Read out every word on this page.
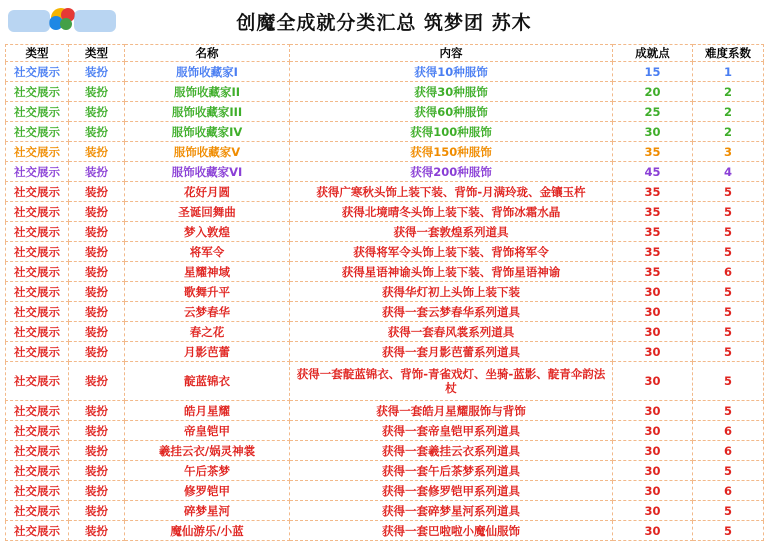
创魔全成就分类汇总 筑梦团 苏木
类型	类型	名称	内容	成就点	难度系数
社交展示	装扮	服饰收藏家I	获得10种服饰	15	1
社交展示	装扮	服饰收藏家II	获得30种服饰	20	2
社交展示	装扮	服饰收藏家III	获得60种服饰	25	2
社交展示	装扮	服饰收藏家IV	获得100种服饰	30	2
社交展示	装扮	服饰收藏家V	获得150种服饰	35	3
社交展示	装扮	服饰收藏家VI	获得200种服饰	45	4
社交展示	装扮	花好月圆	获得广寒秋头饰上装下装、背饰-月满玲珑、金镶玉杵	35	5
社交展示	装扮	圣诞回舞曲	获得北境晴冬头饰上装下装、背饰冰霜水晶	35	5
社交展示	装扮	梦入敦煌	获得一套敦煌系列道具	35	5
社交展示	装扮	将军令	获得将军令头饰上装下装、背饰将军令	35	5
社交展示	装扮	星耀神域	获得星语神谕头饰上装下装、背饰星语神谕	35	6
社交展示	装扮	歌舞升平	获得华灯初上头饰上装下装	30	5
社交展示	装扮	云梦春华	获得一套云梦春华系列道具	30	5
社交展示	装扮	春之花	获得一套春风裳系列道具	30	5
社交展示	装扮	月影芭蕾	获得一套月影芭蕾系列道具	30	5
社交展示	装扮	靛蓝锦衣	获得一套靛蓝锦衣、背饰-青雀戏灯、坐骑-蓝影、靛青伞韵法杖	30	5
社交展示	装扮	皓月星耀	获得一套皓月星耀服饰与背饰	30	5
社交展示	装扮	帝皇铠甲	获得一套帝皇铠甲系列道具	30	6
社交展示	装扮	羲挂云衣/娲灵神裳	获得一套羲挂云衣系列道具	30	6
社交展示	装扮	午后茶梦	获得一套午后茶梦系列道具	30	5
社交展示	装扮	修罗铠甲	获得一套修罗铠甲系列道具	30	6
社交展示	装扮	碎梦星河	获得一套碎梦星河系列道具	30	5
社交展示	装扮	魔仙游乐/小蓝	获得一套巴啦啦小魔仙服饰	30	5
